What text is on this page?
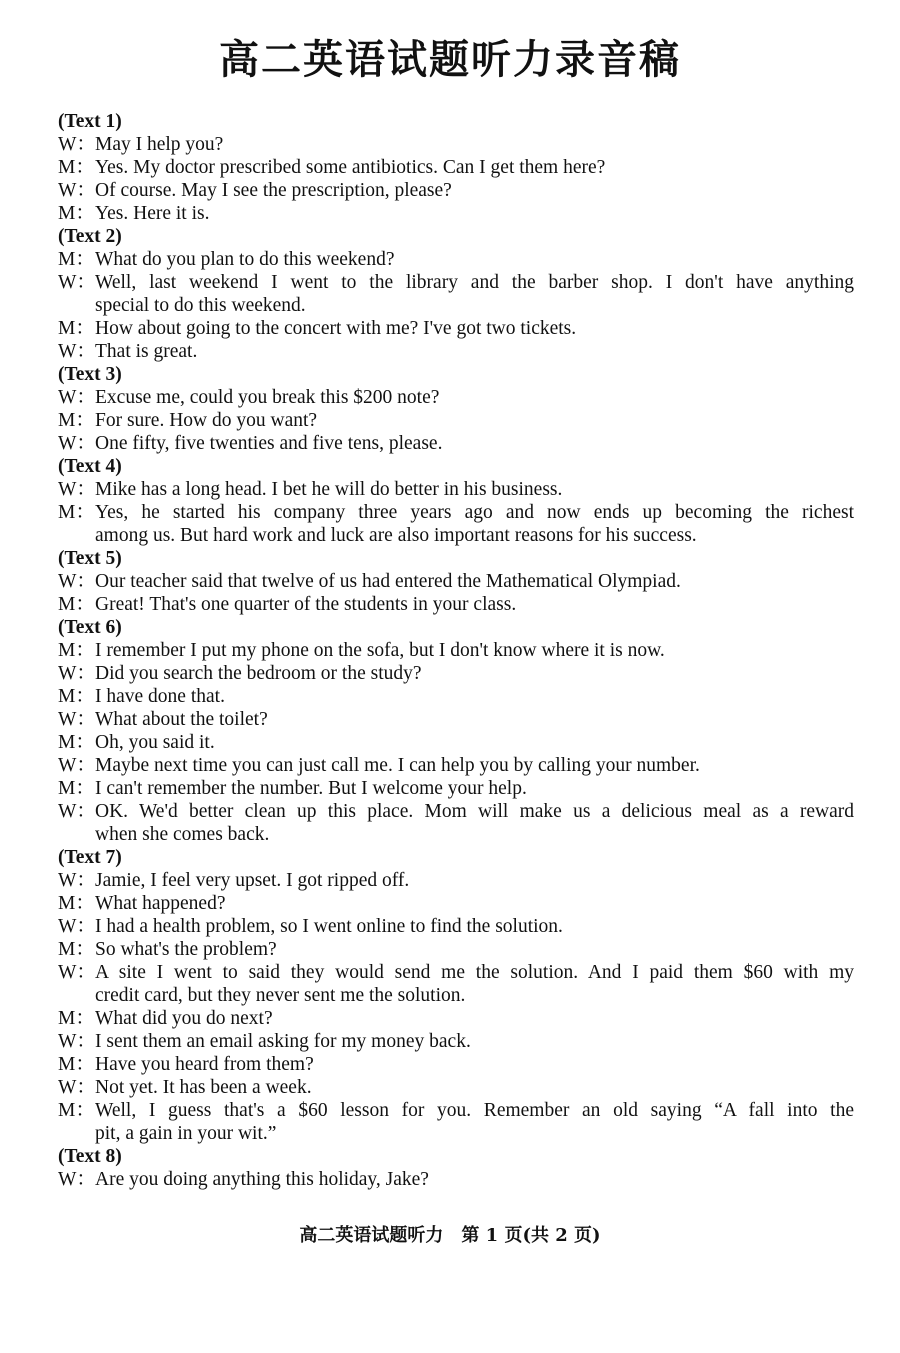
高二英语试题听力录音稿
(Text 1)
W：May I help you?
M：Yes. My doctor prescribed some antibiotics. Can I get them here?
W：Of course. May I see the prescription, please?
M：Yes. Here it is.
(Text 2)
M：What do you plan to do this weekend?
W：Well, last weekend I went to the library and the barber shop. I don't have anything
special to do this weekend.
M：How about going to the concert with me? I've got two tickets.
W：That is great.
(Text 3)
W：Excuse me, could you break this $200 note?
M：For sure. How do you want?
W：One fifty, five twenties and five tens, please.
(Text 4)
W：Mike has a long head. I bet he will do better in his business.
M：Yes, he started his company three years ago and now ends up becoming the richest
among us. But hard work and luck are also important reasons for his success.
(Text 5)
W：Our teacher said that twelve of us had entered the Mathematical Olympiad.
M：Great! That's one quarter of the students in your class.
(Text 6)
M：I remember I put my phone on the sofa, but I don't know where it is now.
W：Did you search the bedroom or the study?
M：I have done that.
W：What about the toilet?
M：Oh, you said it.
W：Maybe next time you can just call me. I can help you by calling your number.
M：I can't remember the number. But I welcome your help.
W：OK. We'd better clean up this place. Mom will make us a delicious meal as a reward
when she comes back.
(Text 7)
W：Jamie, I feel very upset. I got ripped off.
M：What happened?
W：I had a health problem, so I went online to find the solution.
M：So what's the problem?
W：A site I went to said they would send me the solution. And I paid them $60 with my
credit card, but they never sent me the solution.
M：What did you do next?
W：I sent them an email asking for my money back.
M：Have you heard from them?
W：Not yet. It has been a week.
M：Well, I guess that's a $60 lesson for you. Remember an old saying “A fall into the
pit, a gain in your wit.”
(Text 8)
W：Are you doing anything this holiday, Jake?
高二英语试题听力　第 1 页(共 2 页)
